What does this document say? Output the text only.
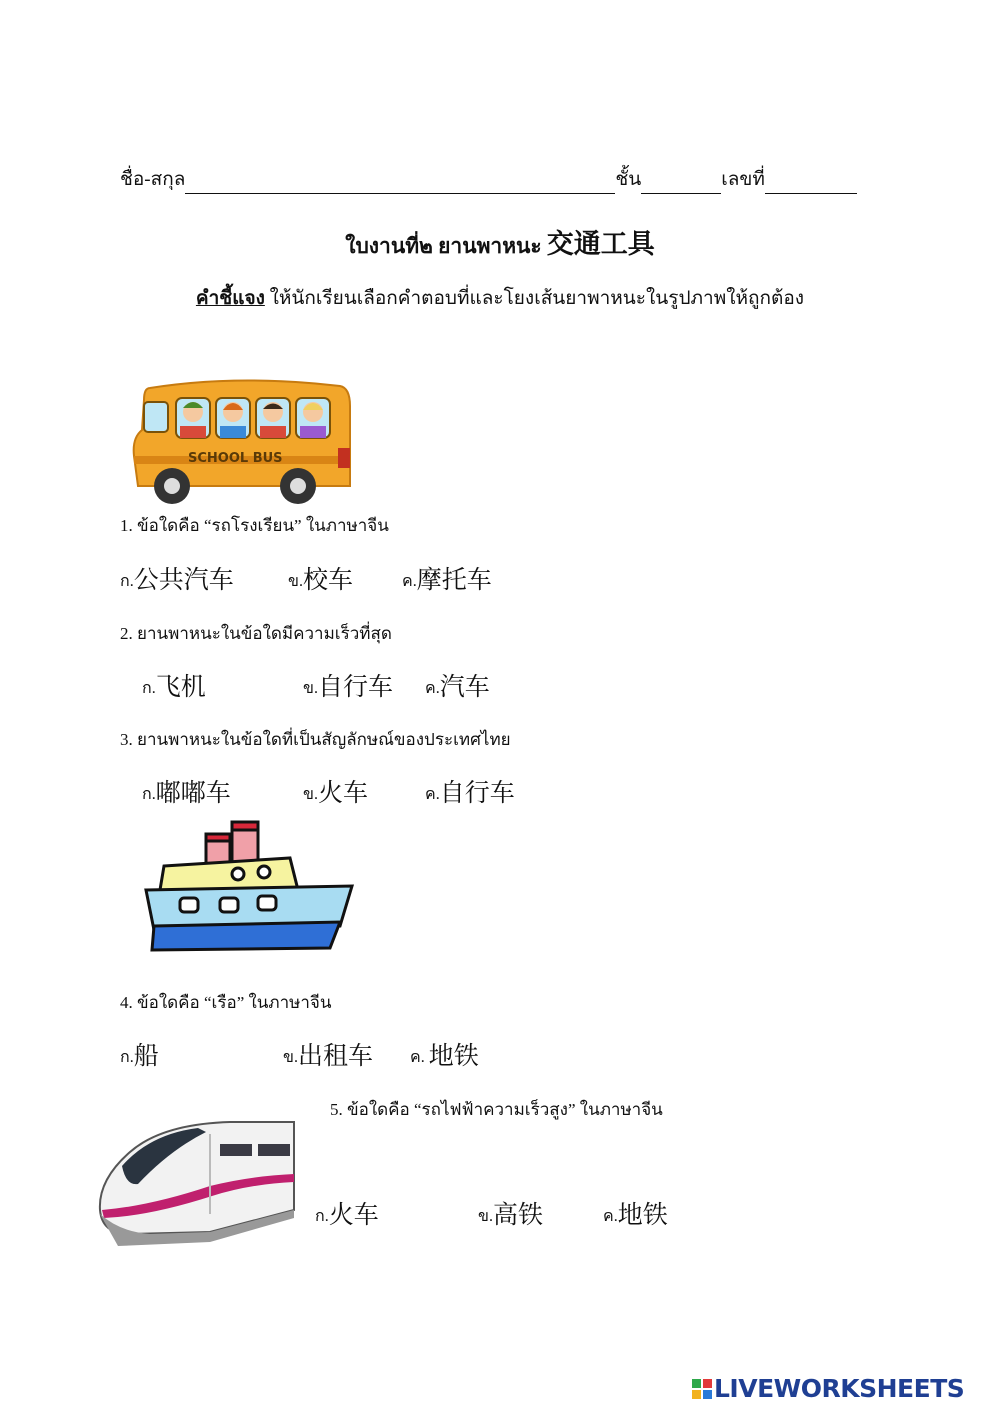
ชื่อ-สกุล	ชั้น	เลขที่
ใบงานที่๒ ยานพาหนะ 交通工具
คำชี้แจง ให้นักเรียนเลือกคำตอบที่และโยงเส้นยาพาหนะในรูปภาพให้ถูกต้อง
SCHOOL BUS
1. ข้อใดคือ “รถโรงเรียน” ในภาษาจีน
ก.公共汽车	ข.校车	ค.摩托车
2. ยานพาหนะในข้อใดมีความเร็วที่สุด
ก.飞机	ข.自行车 ค.汽车
3. ยานพาหนะในข้อใดที่เป็นสัญลักษณ์ของประเทศไทย
ก.嘟嘟车	ข.火车	ค.自行车
4. ข้อใดคือ “เรือ” ในภาษาจีน
ก.船	ข.出租车 ค. 地铁
5. ข้อใดคือ “รถไฟฟ้าความเร็วสูง” ในภาษาจีน
ก.火车	ข.高铁	ค.地铁
LIVEWORKSHEETS
